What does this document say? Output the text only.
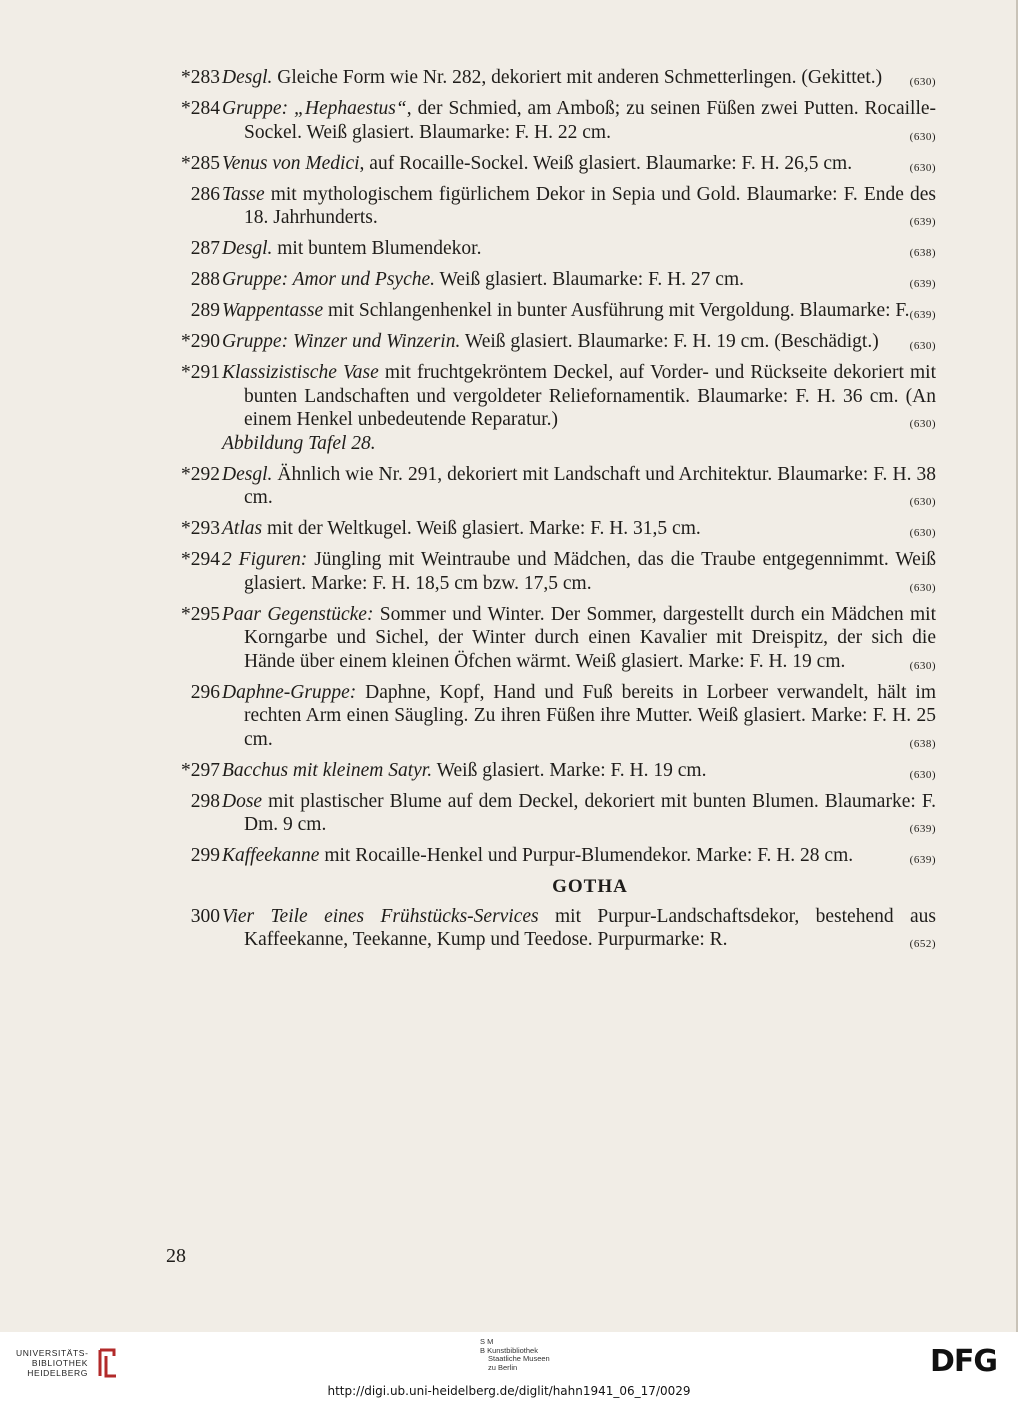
*283 Desgl. Gleiche Form wie Nr. 282, dekoriert mit anderen Schmetterlingen. (Gekittet.)	(630)
*284 Gruppe: „Hephaestus“, der Schmied, am Amboß; zu seinen Füßen zwei Putten. Rocaille-Sockel. Weiß glasiert. Blaumarke: F. H. 22 cm.	(630)
*285 Venus von Medici, auf Rocaille-Sockel. Weiß glasiert. Blaumarke: F. H. 26,5 cm.	(630)
286 Tasse mit mythologischem figürlichem Dekor in Sepia und Gold. Blaumarke: F. Ende des 18. Jahrhunderts.	(639)
287 Desgl. mit buntem Blumendekor.	(638)
288 Gruppe: Amor und Psyche. Weiß glasiert. Blaumarke: F. H. 27 cm.	(639)
289 Wappentasse mit Schlangenhenkel in bunter Ausführung mit Vergoldung. Blaumarke: F. (639)
*290 Gruppe: Winzer und Winzerin. Weiß glasiert. Blaumarke: F. H. 19 cm. (Beschädigt.)	(630)
*291 Klassizistische Vase mit fruchtgekröntem Deckel, auf Vorder- und Rückseite dekoriert mit bunten Landschaften und vergoldeter Reliefornamentik. Blaumarke: F. H. 36 cm. (An einem Henkel unbedeutende Reparatur.)	(630)
Abbildung Tafel 28.
*292 Desgl. Ähnlich wie Nr. 291, dekoriert mit Landschaft und Architektur. Blaumarke: F. H. 38 cm.	(630)
*293 Atlas mit der Weltkugel. Weiß glasiert. Marke: F. H. 31,5 cm.	(630)
*294 2 Figuren: Jüngling mit Weintraube und Mädchen, das die Traube entgegennimmt. Weiß glasiert. Marke: F. H. 18,5 cm bzw. 17,5 cm.	(630)
*295 Paar Gegenstücke: Sommer und Winter. Der Sommer, dargestellt durch ein Mädchen mit Korngarbe und Sichel, der Winter durch einen Kavalier mit Dreispitz, der sich die Hände über einem kleinen Öfchen wärmt. Weiß glasiert. Marke: F. H. 19 cm.	(630)
296 Daphne-Gruppe: Daphne, Kopf, Hand und Fuß bereits in Lorbeer verwandelt, hält im rechten Arm einen Säugling. Zu ihren Füßen ihre Mutter. Weiß glasiert. Marke: F. H. 25 cm.	(638)
*297 Bacchus mit kleinem Satyr. Weiß glasiert. Marke: F. H. 19 cm.	(630)
298 Dose mit plastischer Blume auf dem Deckel, dekoriert mit bunten Blumen. Blaumarke: F. Dm. 9 cm.	(639)
299 Kaffeekanne mit Rocaille-Henkel und Purpur-Blumendekor. Marke: F. H. 28 cm.	(639)
GOTHA
300 Vier Teile eines Frühstücks-Services mit Purpur-Landschaftsdekor, bestehend aus Kaffeekanne, Teekanne, Kump und Teedose. Purpurmarke: R.	(652)
28
UNIVERSITÄTS-
BIBLIOTHEK
HEIDELBERG
S M
B Kunstbibliothek
Staatliche Museen
zu Berlin	DFG
http://digi.ub.uni-heidelberg.de/diglit/hahn1941_06_17/0029
